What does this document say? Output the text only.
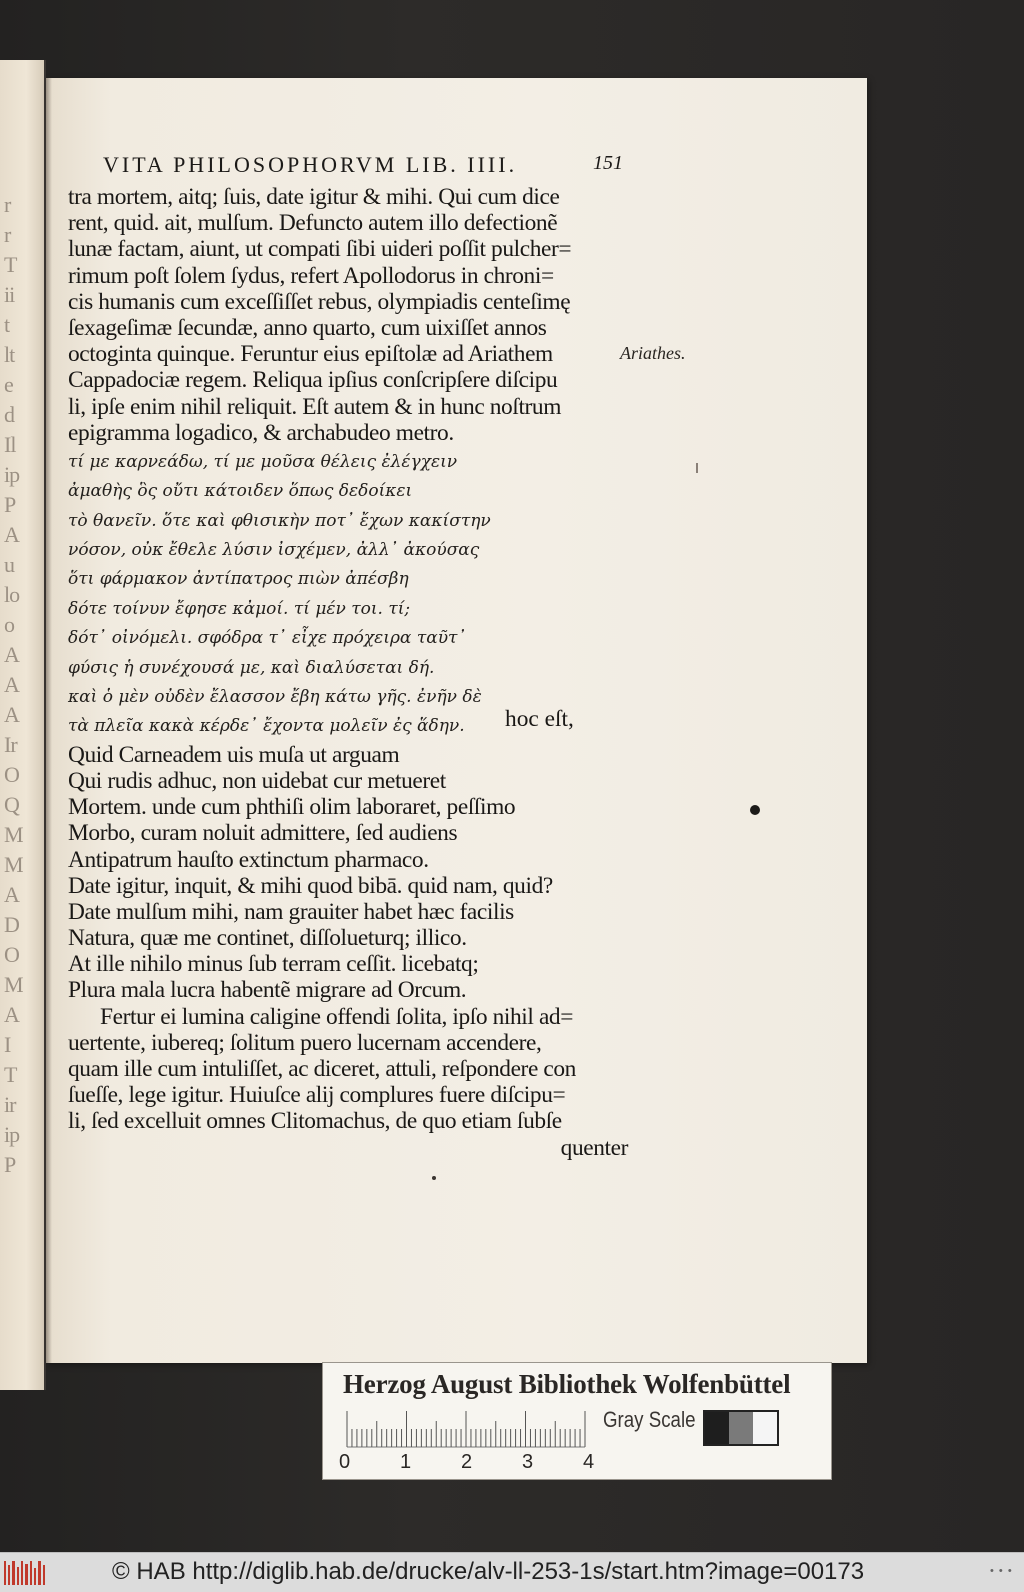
r
r
T
ii
t
lt
e
d
Il
ip
P
A
u
lo
o
A
A
A
Ir
O
Q
M
M
A
D
O
M
A
I
T
ir
ip
P
VITA PHILOSOPHORVM LIB. IIII.	151
tra mortem, aitq; ſuis, date igitur & mihi. Qui cum dice
rent, quid. ait, mulſum. Defuncto autem illo defectionẽ
lunæ factam, aiunt, ut compati ſibi uideri poſſit pulcher=
rimum poſt ſolem ſydus, refert Apollodorus in chroni=
cis humanis cum exceſſiſſet rebus, olympiadis centeſimę
ſexageſimæ ſecundæ, anno quarto, cum uixiſſet annos
octoginta quinque. Feruntur eius epiſtolæ ad Ariathem
Cappadociæ regem. Reliqua ipſius conſcripſere diſcipu
li, ipſe enim nihil reliquit. Eſt autem & in hunc noſtrum
epigramma logadico, & archabudeo metro.
τί με καρνεάδω, τί με μοῦσα θέλεις ἐλέγχειν
ἀμαθὴς ὃς οὔτι κάτοιδεν ὅπως δεδοίκει
τὸ θανεῖν. ὅτε καὶ φθισικὴν ποτ᾽ ἔχων κακίστην
νόσον, οὐκ ἔθελε λύσιν ἰσχέμεν, ἀλλ᾽ ἀκούσας
ὅτι φάρμακον ἀντίπατρος πιὼν ἀπέσβη
δότε τοίνυν ἔφησε κἀμοί. τί μέν τοι. τί;
δότ᾽ οἰνόμελι. σφόδρα τ᾽ εἶχε πρόχειρα ταῦτ᾽
φύσις ἡ συνέχουσά με, καὶ διαλύσεται δή.
καὶ ὁ μὲν οὐδὲν ἔλασσον ἔβη κάτω γῆς. ἐνῆν δὲ
τὰ πλεῖα κακὰ κέρδε᾽ ἔχοντα μολεῖν ἐς ἅδην.
Quid Carneadem uis muſa ut arguam
Qui rudis adhuc, non uidebat cur metueret
Mortem. unde cum phthiſi olim laboraret, peſſimo
Morbo, curam noluit admittere, ſed audiens
Antipatrum hauſto extinctum pharmaco.
Date igitur, inquit, & mihi quod bibā. quid nam, quid?
Date mulſum mihi, nam grauiter habet hæc facilis
Natura, quæ me continet, diſſolueturq; illico.
At ille nihilo minus ſub terram ceſſit. licebatq;
Plura mala lucra habentẽ migrare ad Orcum.
Fertur ei lumina caligine offendi ſolita, ipſo nihil ad=
uertente, iubereq; ſolitum puero lucernam accendere,
quam ille cum intuliſſet, ac diceret, attuli, reſpondere con
ſueſſe, lege igitur. Huiuſce alij complures fuere diſcipu=
li, ſed excelluit omnes Clitomachus, de quo etiam ſubſe
quenter
hoc eſt,
Ariathes.
Herzog August Bibliothek Wolfenbüttel
0 1 2 3 4
Gray Scale
© HAB http://diglib.hab.de/drucke/alv-ll-253-1s/start.htm?image=00173	• • •
